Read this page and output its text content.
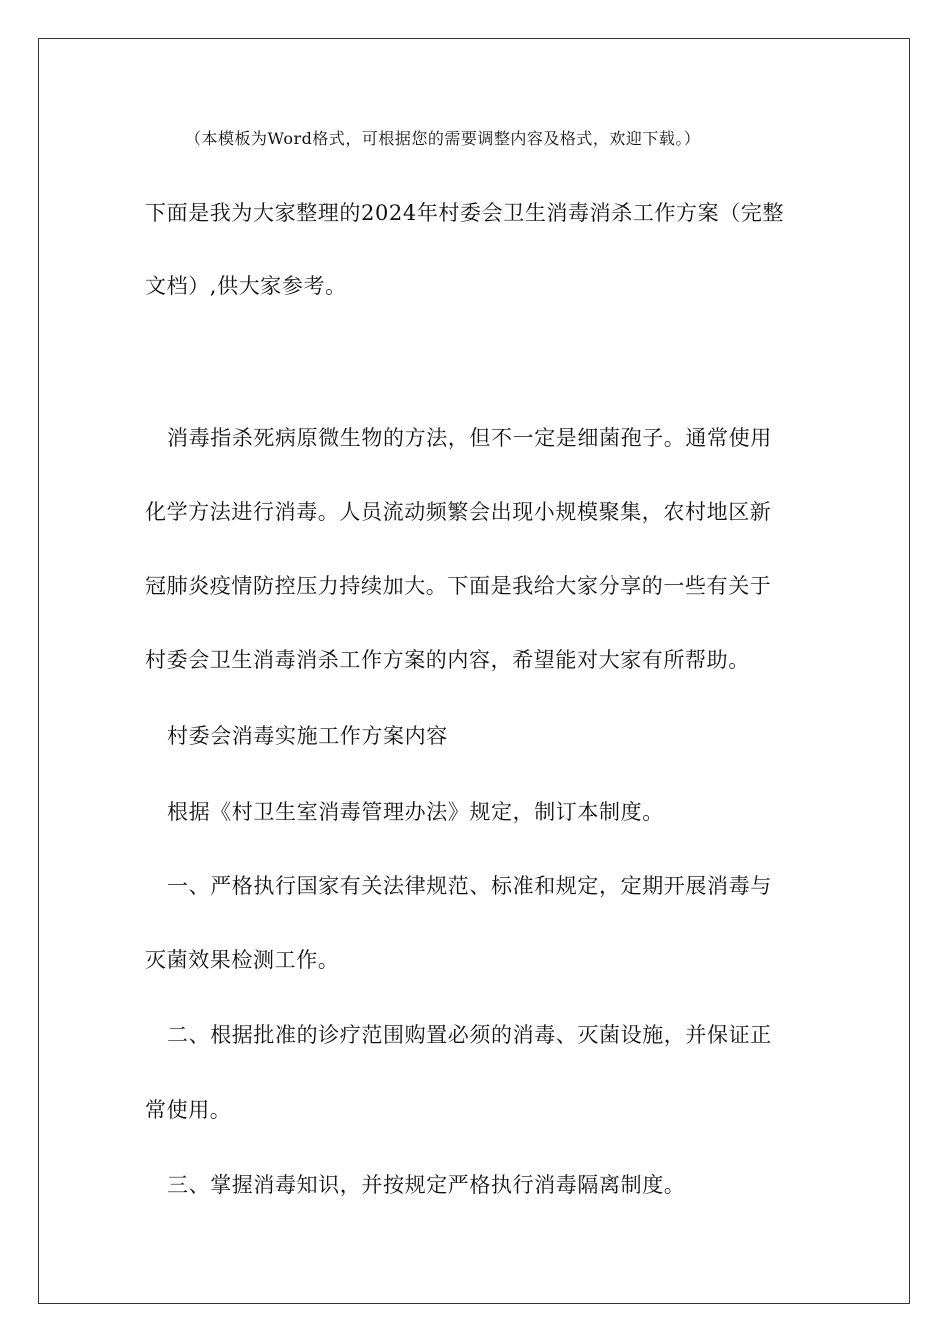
（本模板为Word格式，可根据您的需要调整内容及格式，欢迎下载。）
下面是我为大家整理的2024年村委会卫生消毒消杀工作方案（完整
文档）,供大家参考。
消毒指杀死病原微生物的方法，但不一定是细菌孢子。通常使用
化学方法进行消毒。人员流动频繁会出现小规模聚集，农村地区新
冠肺炎疫情防控压力持续加大。下面是我给大家分享的一些有关于
村委会卫生消毒消杀工作方案的内容，希望能对大家有所帮助。
村委会消毒实施工作方案内容
根据《村卫生室消毒管理办法》规定，制订本制度。
一、严格执行国家有关法律规范、标准和规定，定期开展消毒与
灭菌效果检测工作。
二、根据批准的诊疗范围购置必须的消毒、灭菌设施，并保证正
常使用。
三、掌握消毒知识，并按规定严格执行消毒隔离制度。
